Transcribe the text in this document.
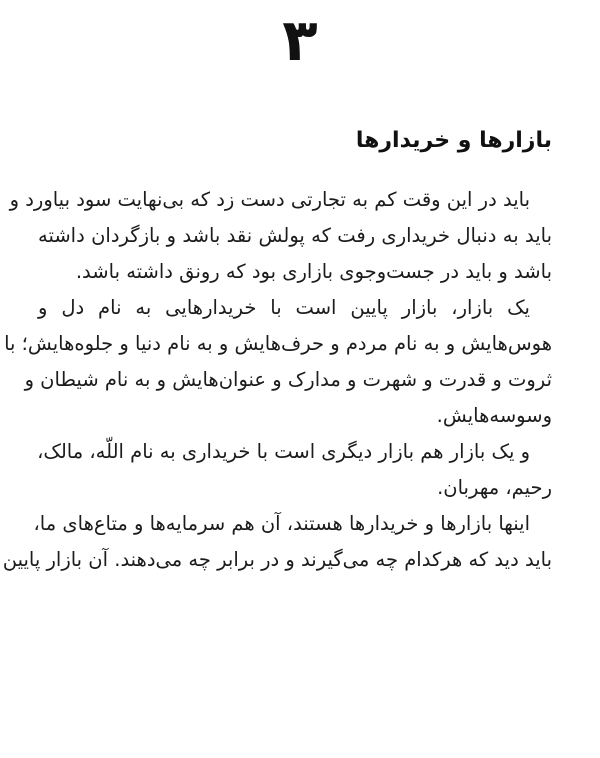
۳
بازارها و خریدارها
باید در این وقت کم به تجارتی دست زد که بی‌نهایت سود بیاورد و
باید به دنبال خریداری رفت که پولش نقد باشد و بازگردان داشته
باشد و باید در جست‌وجوی بازاری بود که رونق داشته باشد.
یک بازار، بازار پایین است با خریدارهایی به نام دل و
هوس‌هایش و به نام مردم و حرف‌هایش و به نام دنیا و جلوه‌هایش؛ با
ثروت و قدرت و شهرت و مدارک و عنوان‌هایش و به نام شیطان و
وسوسه‌هایش.
و یک بازار هم بازار دیگری است با خریداری به نام اللّه، مالک،
رحیم، مهربان.
اینها بازارها و خریدارها هستند، آن هم سرمایه‌ها و متاع‌های ما،
باید دید که هرکدام چه می‌گیرند و در برابر چه می‌دهند. آن بازار پایین
